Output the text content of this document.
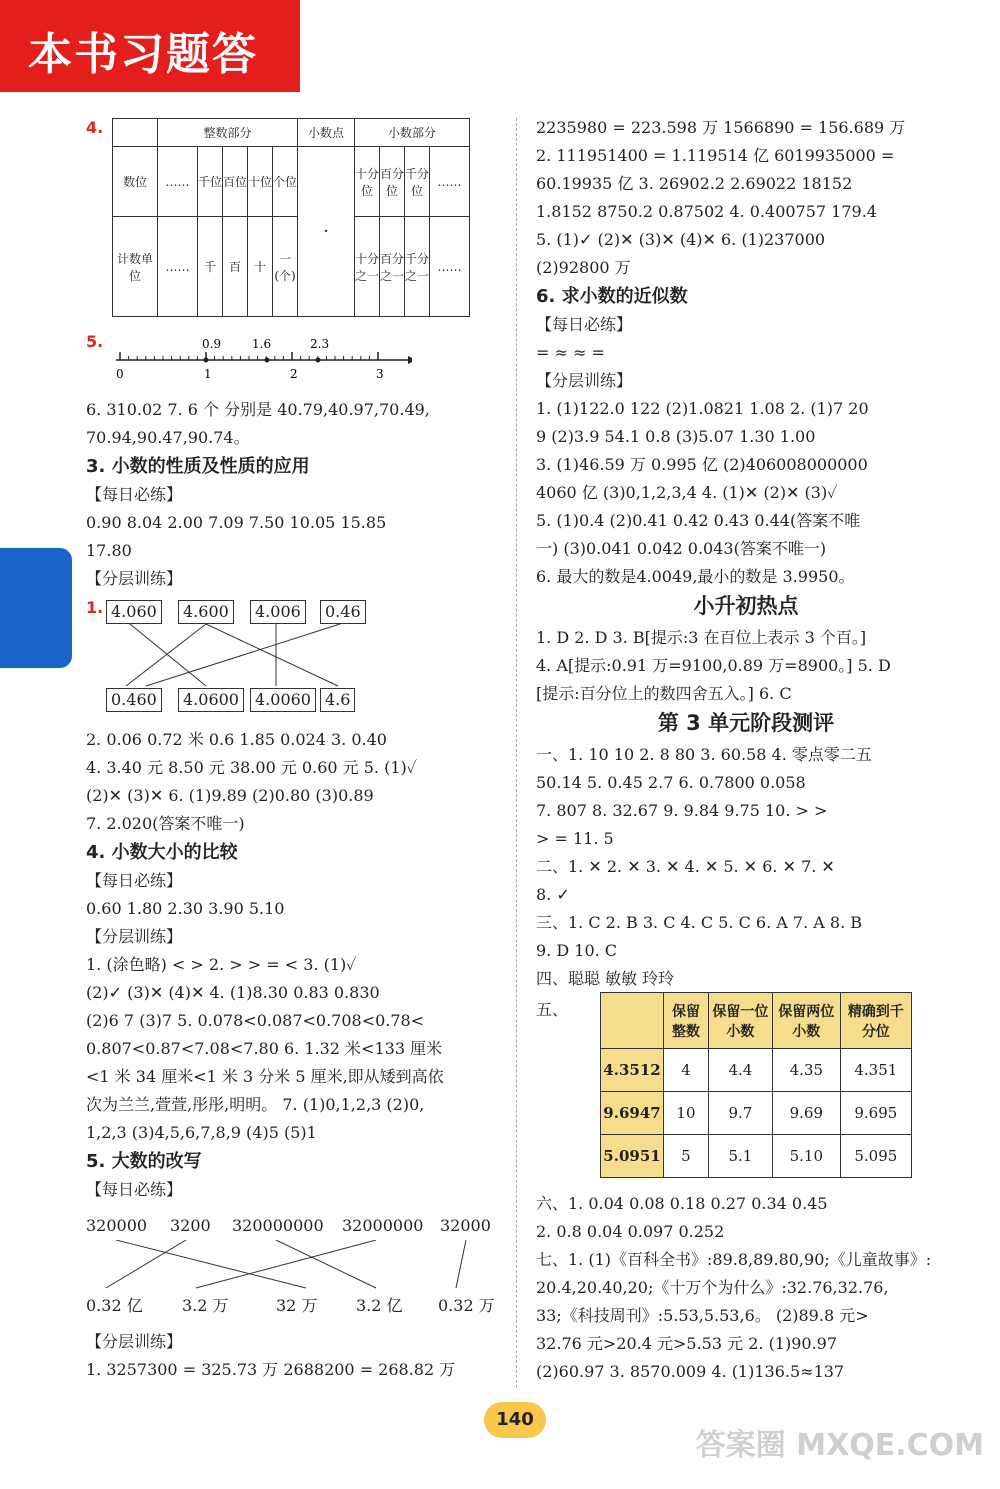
本书习题答案 4.
		整数部分					小数点	小数部分			
数位	……	千位	百位	十位	个位	·	十分位	百分位	千分位	……
计数单位	……	千	百	十	一(个)		十分之一	百分之一	千分之一	……
5.	0.9	1.6	2.3
0	1	2	3
6. 310.02 7. 6 个 分别是 40.79,40.97,70.49,
70.94,90.47,90.74。
3. 小数的性质及性质的应用
【每日必练】
0.90 8.04 2.00 7.09 7.50 10.05 15.85
17.80
【分层训练】
1. 4.060	4.600	4.006	0.46
0.460	4.0600	4.0060 4.6
2. 0.06 0.72 米 0.6 1.85 0.024 3. 0.40
4. 3.40 元 8.50 元 38.00 元 0.60 元 5. (1)✓
(2)✕ (3)✕ 6. (1)9.89 (2)0.80 (3)0.89
7. 2.020(答案不唯一)
4. 小数大小的比较
【每日必练】
0.60 1.80 2.30 3.90 5.10
【分层训练】
1. (涂色略) < > 2. > > = < 3. (1)✓
(2)✓ (3)✕ (4)✕ 4. (1)8.30 0.83 0.830
(2)6 7 (3)7 5. 0.078<0.087<0.708<0.78<
0.807<0.87<7.08<7.80 6. 1.32 米<133 厘米
<1 米 34 厘米<1 米 3 分米 5 厘米,即从矮到高依
次为兰兰,萱萱,彤彤,明明。 7. (1)0,1,2,3 (2)0,
1,2,3 (3)4,5,6,7,8,9 (4)5 (5)1
5. 大数的改写
【每日必练】
320000 3200 320000000 32000000 32000
0.32 亿 3.2 万	32 万 3.2 亿 0.32 万
【分层训练】
1. 3257300 = 325.73 万 2688200 = 268.82 万
2235980 = 223.598 万 1566890 = 156.689 万
2. 111951400 = 1.119514 亿 6019935000 =
60.19935 亿 3. 26902.2 2.69022 18152
1.8152 8750.2 0.87502 4. 0.400757 179.4
5. (1)✓ (2)✕ (3)✕ (4)✕ 6. (1)237000
(2)92800 万
6. 求小数的近似数
【每日必练】
= ≈ ≈ =
【分层训练】
1. (1)122.0 122 (2)1.0821 1.08 2. (1)7 20
9 (2)3.9 54.1 0.8 (3)5.07 1.30 1.00
3. (1)46.59 万 0.995 亿 (2)406008000000
4060 亿 (3)0,1,2,3,4 4. (1)✕ (2)✕ (3)✓
5. (1)0.4 (2)0.41 0.42 0.43 0.44(答案不唯
一) (3)0.041 0.042 0.043(答案不唯一)
6. 最大的数是4.0049,最小的数是 3.9950。
小升初热点
1. D 2. D 3. B[提示:3 在百位上表示 3 个百。]
4. A[提示:0.91 万=9100,0.89 万=8900。] 5. D
[提示:百分位上的数四舍五入。] 6. C
第 3 单元阶段测评
一、1. 10 10 2. 8 80 3. 60.58 4. 零点零二五
50.14 5. 0.45 2.7 6. 0.7800 0.058
7. 807 8. 32.67 9. 9.84 9.75 10. > >
> = 11. 5
二、1. ✕ 2. ✕ 3. ✕ 4. ✕ 5. ✕ 6. ✕ 7. ✕
8. ✓
三、1. C 2. B 3. C 4. C 5. C 6. A 7. A 8. B
9. D 10. C
四、聪聪 敏敏 玲玲
五、
		保留整数	保留一位小数	保留两位小数	精确到千分位
4.3512	4	4.4	4.35	4.351
9.6947	10	9.7	9.69	9.695
5.0951	5	5.1	5.10	5.095
六、1. 0.04 0.08 0.18 0.27 0.34 0.45
2. 0.8 0.04 0.097 0.252
七、1. (1)《百科全书》:89.8,89.80,90;《儿童故事》:
20.4,20.40,20;《十万个为什么》:32.76,32.76,
33;《科技周刊》:5.53,5.53,6。 (2)89.8 元>
32.76 元>20.4 元>5.53 元 2. (1)90.97
(2)60.97 3. 8570.009 4. (1)136.5≈137
140
答案圈 MXQE.COM
